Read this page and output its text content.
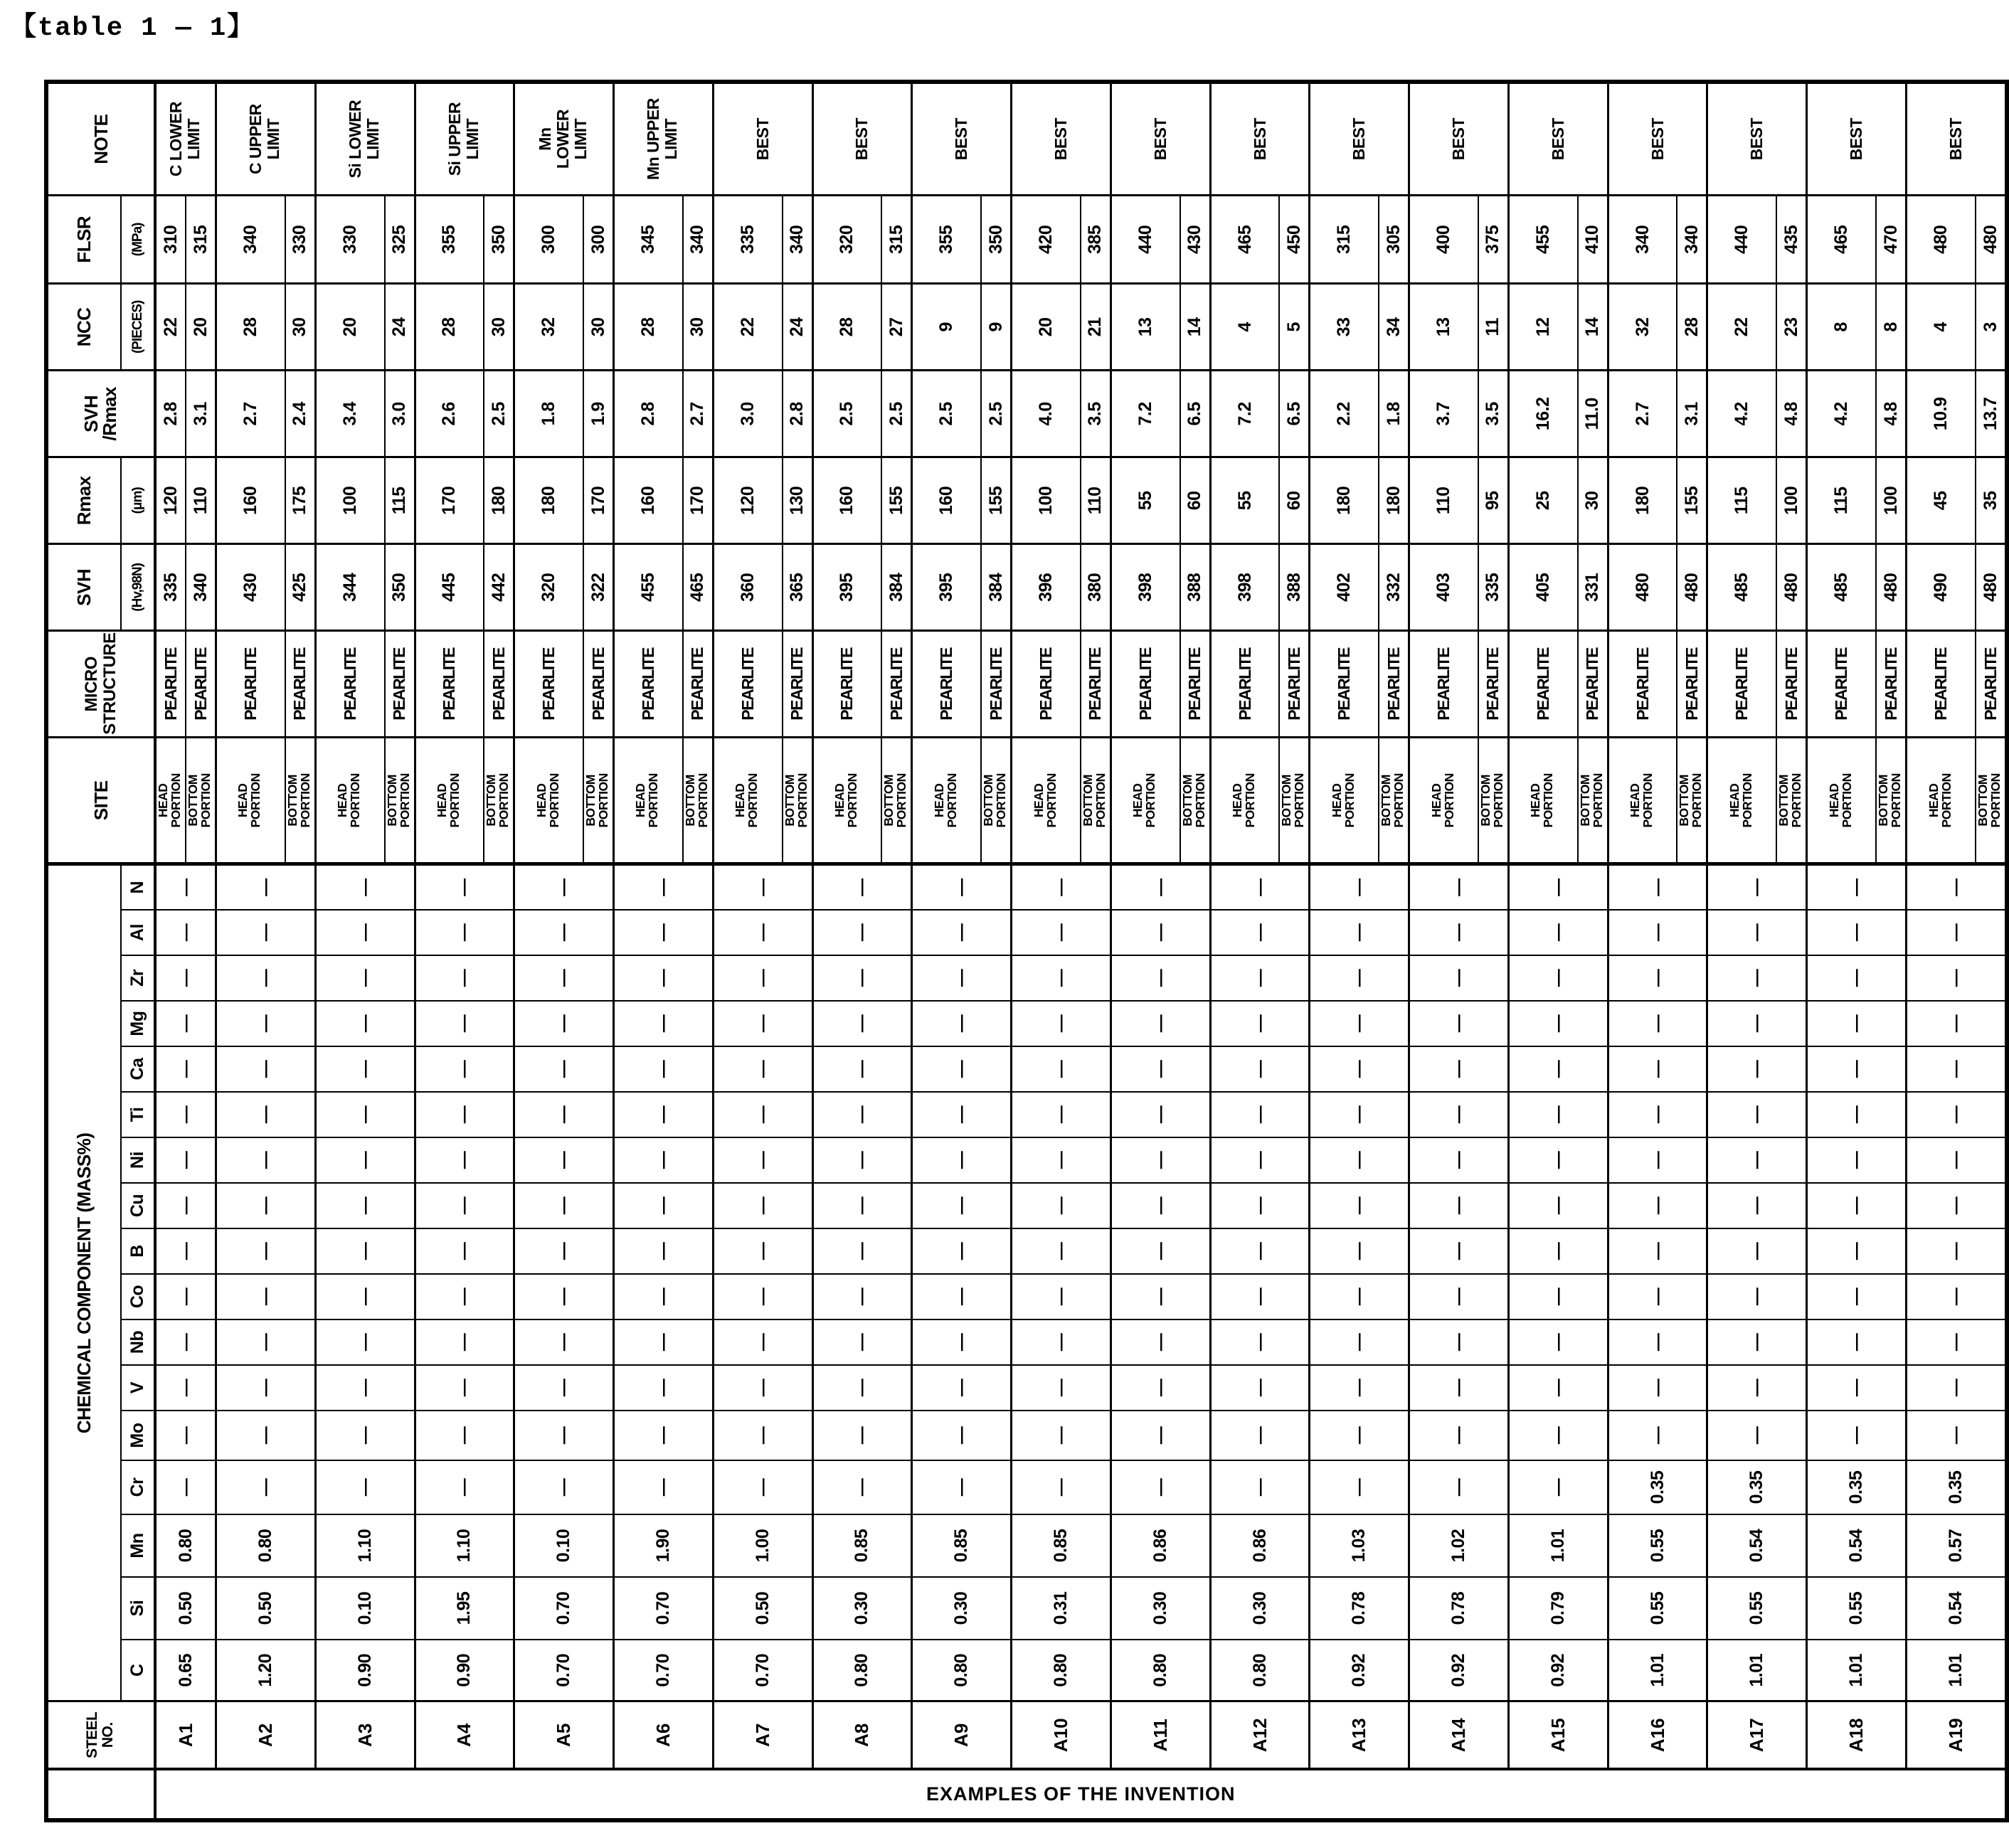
【table 1 ― 1】
	STEEL NO.	CHEMICAL COMPONENT (MASS%)																	SITE	MICRO STRUCTURE	SVH	Rmax	SVH /Rmax	NCC	FLSR	NOTE
		C	Si	Mn	Cr	Mo	V	Nb	Co	B	Cu	Ni	Ti	Ca	Mg	Zr	Al	N			(Hv,98N)	(μm)		(PIECES)	(MPa)	

EXAMPLES OF THE INVENTION	A1	0.65	0.50	0.80	—	—	—	—	—	—	—	—	—	—	—	—	—	—	HEAD PORTION	PEARLITE	335	120	2.8	22	310	C LOWER LIMIT
																			BOTTOM PORTION	PEARLITE	340	110	3.1	20	315	
	A2	1.20	0.50	0.80	—	—	—	—	—	—	—	—	—	—	—	—	—	—	HEAD PORTION	PEARLITE	430	160	2.7	28	340	C UPPER LIMIT
																			BOTTOM PORTION	PEARLITE	425	175	2.4	30	330	
	A3	0.90	0.10	1.10	—	—	—	—	—	—	—	—	—	—	—	—	—	—	HEAD PORTION	PEARLITE	344	100	3.4	20	330	Si LOWER LIMIT
																			BOTTOM PORTION	PEARLITE	350	115	3.0	24	325	
	A4	0.90	1.95	1.10	—	—	—	—	—	—	—	—	—	—	—	—	—	—	HEAD PORTION	PEARLITE	445	170	2.6	28	355	Si UPPER LIMIT
																			BOTTOM PORTION	PEARLITE	442	180	2.5	30	350	
	A5	0.70	0.70	0.10	—	—	—	—	—	—	—	—	—	—	—	—	—	—	HEAD PORTION	PEARLITE	320	180	1.8	32	300	Mn LOWER LIMIT
																			BOTTOM PORTION	PEARLITE	322	170	1.9	30	300	
	A6	0.70	0.70	1.90	—	—	—	—	—	—	—	—	—	—	—	—	—	—	HEAD PORTION	PEARLITE	455	160	2.8	28	345	Mn UPPER LIMIT
																			BOTTOM PORTION	PEARLITE	465	170	2.7	30	340	
	A7	0.70	0.50	1.00	—	—	—	—	—	—	—	—	—	—	—	—	—	—	HEAD PORTION	PEARLITE	360	120	3.0	22	335	BEST
																			BOTTOM PORTION	PEARLITE	365	130	2.8	24	340	
	A8	0.80	0.30	0.85	—	—	—	—	—	—	—	—	—	—	—	—	—	—	HEAD PORTION	PEARLITE	395	160	2.5	28	320	BEST
																			BOTTOM PORTION	PEARLITE	384	155	2.5	27	315	
	A9	0.80	0.30	0.85	—	—	—	—	—	—	—	—	—	—	—	—	—	—	HEAD PORTION	PEARLITE	395	160	2.5	9	355	BEST
																			BOTTOM PORTION	PEARLITE	384	155	2.5	9	350	
	A10	0.80	0.31	0.85	—	—	—	—	—	—	—	—	—	—	—	—	—	—	HEAD PORTION	PEARLITE	396	100	4.0	20	420	BEST
																			BOTTOM PORTION	PEARLITE	380	110	3.5	21	385	
	A11	0.80	0.30	0.86	—	—	—	—	—	—	—	—	—	—	—	—	—	—	HEAD PORTION	PEARLITE	398	55	7.2	13	440	BEST
																			BOTTOM PORTION	PEARLITE	388	60	6.5	14	430	
	A12	0.80	0.30	0.86	—	—	—	—	—	—	—	—	—	—	—	—	—	—	HEAD PORTION	PEARLITE	398	55	7.2	4	465	BEST
																			BOTTOM PORTION	PEARLITE	388	60	6.5	5	450	
	A13	0.92	0.78	1.03	—	—	—	—	—	—	—	—	—	—	—	—	—	—	HEAD PORTION	PEARLITE	402	180	2.2	33	315	BEST
																			BOTTOM PORTION	PEARLITE	332	180	1.8	34	305	
	A14	0.92	0.78	1.02	—	—	—	—	—	—	—	—	—	—	—	—	—	—	HEAD PORTION	PEARLITE	403	110	3.7	13	400	BEST
																			BOTTOM PORTION	PEARLITE	335	95	3.5	11	375	
	A15	0.92	0.79	1.01	—	—	—	—	—	—	—	—	—	—	—	—	—	—	HEAD PORTION	PEARLITE	405	25	16.2	12	455	BEST
																			BOTTOM PORTION	PEARLITE	331	30	11.0	14	410	
	A16	1.01	0.55	0.55	0.35	—	—	—	—	—	—	—	—	—	—	—	—	—	HEAD PORTION	PEARLITE	480	180	2.7	32	340	BEST
																			BOTTOM PORTION	PEARLITE	480	155	3.1	28	340	
	A17	1.01	0.55	0.54	0.35	—	—	—	—	—	—	—	—	—	—	—	—	—	HEAD PORTION	PEARLITE	485	115	4.2	22	440	BEST
																			BOTTOM PORTION	PEARLITE	480	100	4.8	23	435	
	A18	1.01	0.55	0.54	0.35	—	—	—	—	—	—	—	—	—	—	—	—	—	HEAD PORTION	PEARLITE	485	115	4.2	8	465	BEST
																			BOTTOM PORTION	PEARLITE	480	100	4.8	8	470	
	A19	1.01	0.54	0.57	0.35	—	—	—	—	—	—	—	—	—	—	—	—	—	HEAD PORTION	PEARLITE	490	45	10.9	4	480	BEST
																			BOTTOM PORTION	PEARLITE	480	35	13.7	3	480	
